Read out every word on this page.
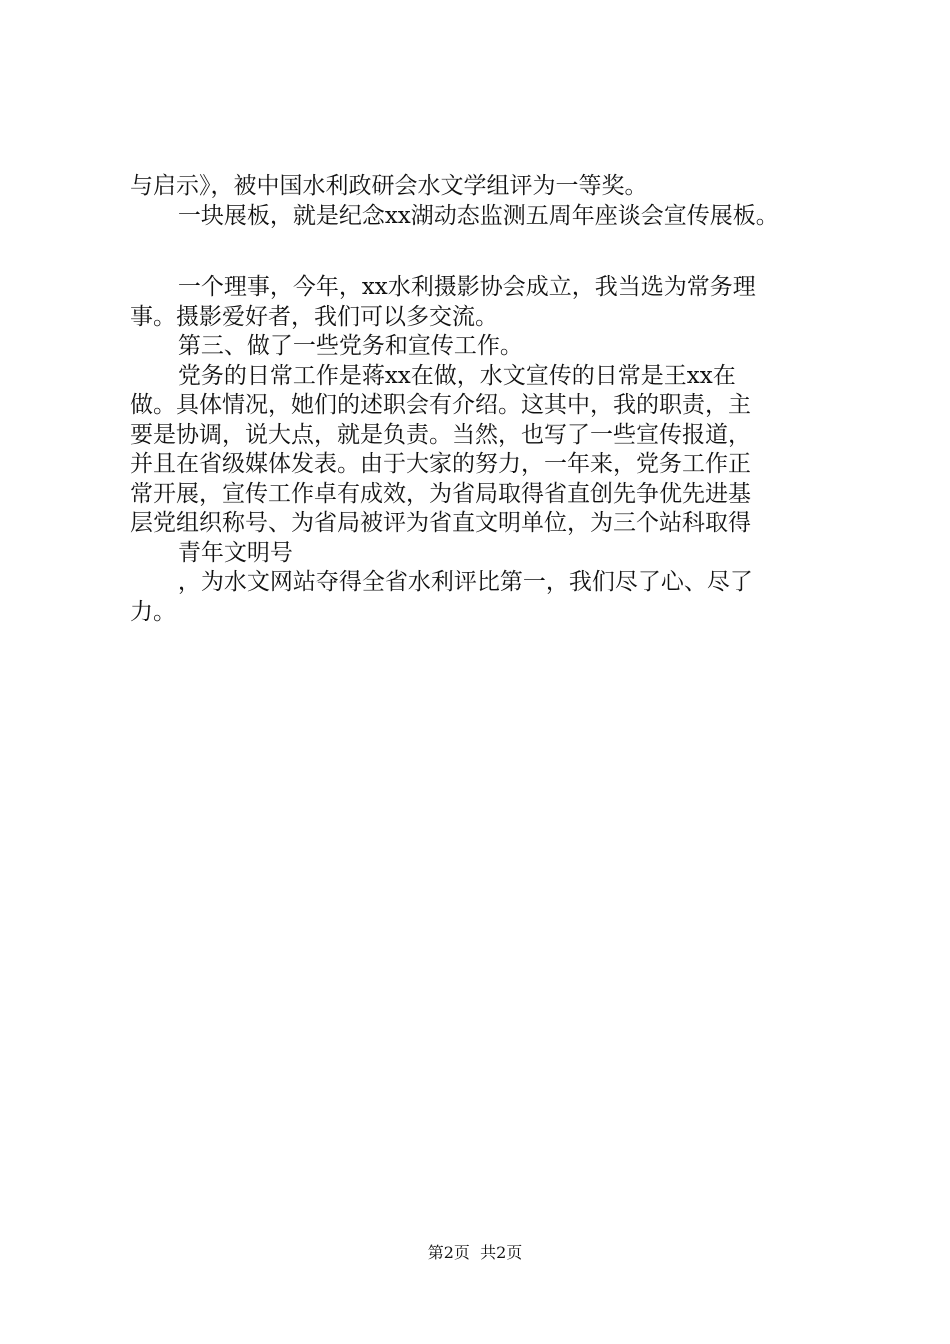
与启示》，被中国水利政研会水文学组评为一等奖。
一块展板，就是纪念xx湖动态监测五周年座谈会宣传展板。
一个理事，今年，xx水利摄影协会成立，我当选为常务理
事。摄影爱好者，我们可以多交流。
第三、做了一些党务和宣传工作。
党务的日常工作是蒋xx在做，水文宣传的日常是王xx在
做。具体情况，她们的述职会有介绍。这其中，我的职责，主
要是协调，说大点，就是负责。当然，也写了一些宣传报道，
并且在省级媒体发表。由于大家的努力，一年来，党务工作正
常开展，宣传工作卓有成效，为省局取得省直创先争优先进基
层党组织称号、为省局被评为省直文明单位，为三个站科取得
青年文明号
，为水文网站夺得全省水利评比第一，我们尽了心、尽了
力。
第2页 共2页
